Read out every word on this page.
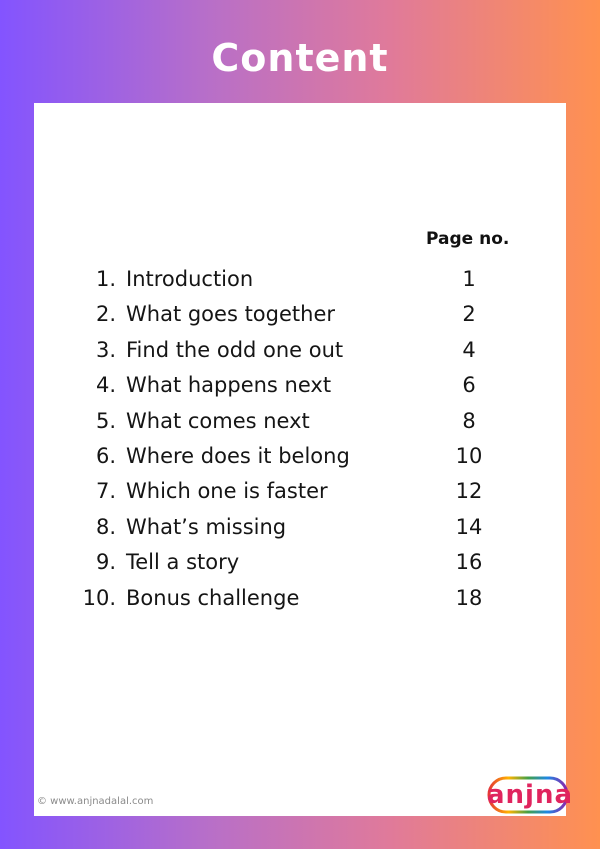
Content
Page no.
1. Introduction	1
2. What goes together	2
3. Find the odd one out	4
4. What happens next	6
5. What comes next	8
6. Where does it belong	10
7. Which one is faster	12
8. What’s missing	14
9. Tell a story	16
10. Bonus challenge	18
© www.anjnadalal.com	anjna
